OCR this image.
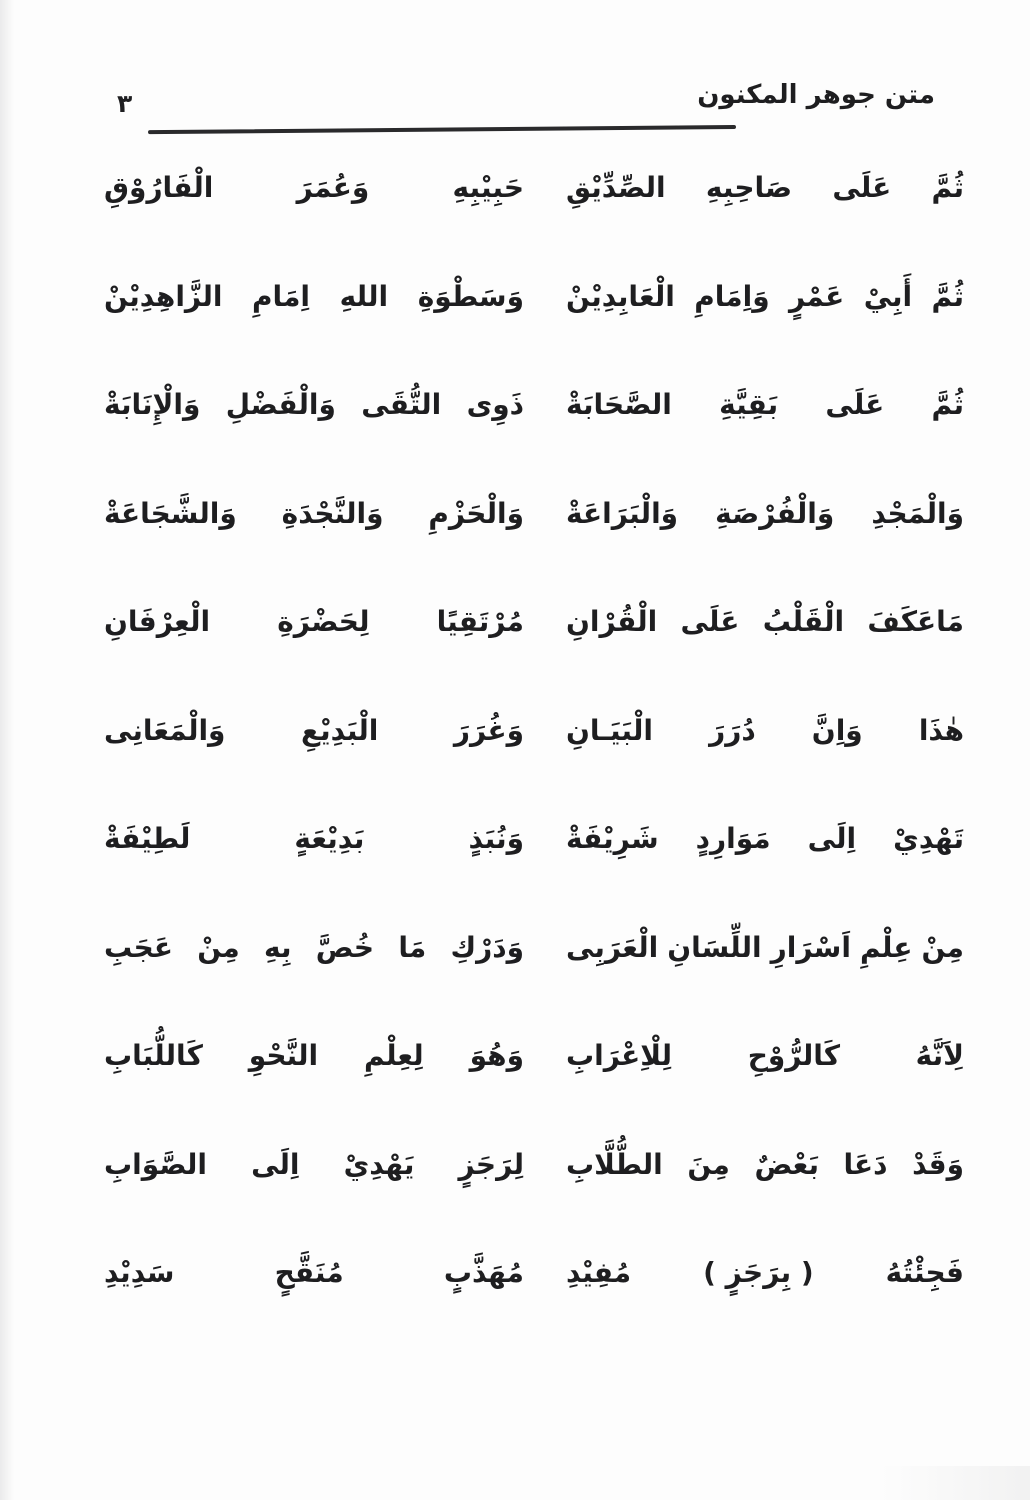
متن جوهر المكنون
٣
ثُمَّ
عَلَى
صَاحِبِهِ
الصِّدِّيْقِ
حَبِيْبِهِ
وَعُمَرَ
الْفَارُوْقِ
ثُمَّ
أَبِيْ
عَمْرٍ
وَاِمَامِ
الْعَابِدِيْنْ
وَسَطْوَةِ
اللهِ
اِمَامِ
الزَّاهِدِيْنْ
ثُمَّ
عَلَى
بَقِيَّةِ
الصَّحَابَةْ
ذَوِى
التُّقَى
وَالْفَضْلِ
وَالْإِنَابَةْ
وَالْمَجْدِ
وَالْفُرْصَةِ
وَالْبَرَاعَةْ
وَالْحَزْمِ
وَالنَّجْدَةِ
وَالشَّجَاعَةْ
مَاعَكَفَ
الْقَلْبُ
عَلَى
الْقُرْانِ
مُرْتَقِيًا
لِحَضْرَةِ
الْعِرْفَانِ
هٰذَا
وَاِنَّ
دُرَرَ
الْبَيَـانِ
وَغُرَرَ
الْبَدِيْعِ
وَالْمَعَانِى
تَهْدِيْ
اِلَى
مَوَارِدٍ
شَرِيْفَةْ
وَنُبَذٍ
بَدِيْعَةٍ
لَطِيْفَةْ
مِنْ
عِلْمِ
اَسْرَارِ
اللِّسَانِ
الْعَرَبِى
وَدَرْكِ
مَا
خُصَّ
بِهِ
مِنْ
عَجَبِ
لِاَنَّهُ
كَالرُّوْحِ
لِلْاِعْرَابِ
وَهُوَ
لِعِلْمِ
النَّحْوِ
كَاللُّبَابِ
وَقَدْ
دَعَا
بَعْضٌ
مِنَ
الطُّلَّابِ
لِرَجَزٍ
يَهْدِيْ
اِلَى
الصَّوَابِ
فَجِئْتُهُ
( بِرَجَزٍ )
مُفِيْدِ
مُهَذَّبٍ
مُنَقَّحٍ
سَدِيْدِ
